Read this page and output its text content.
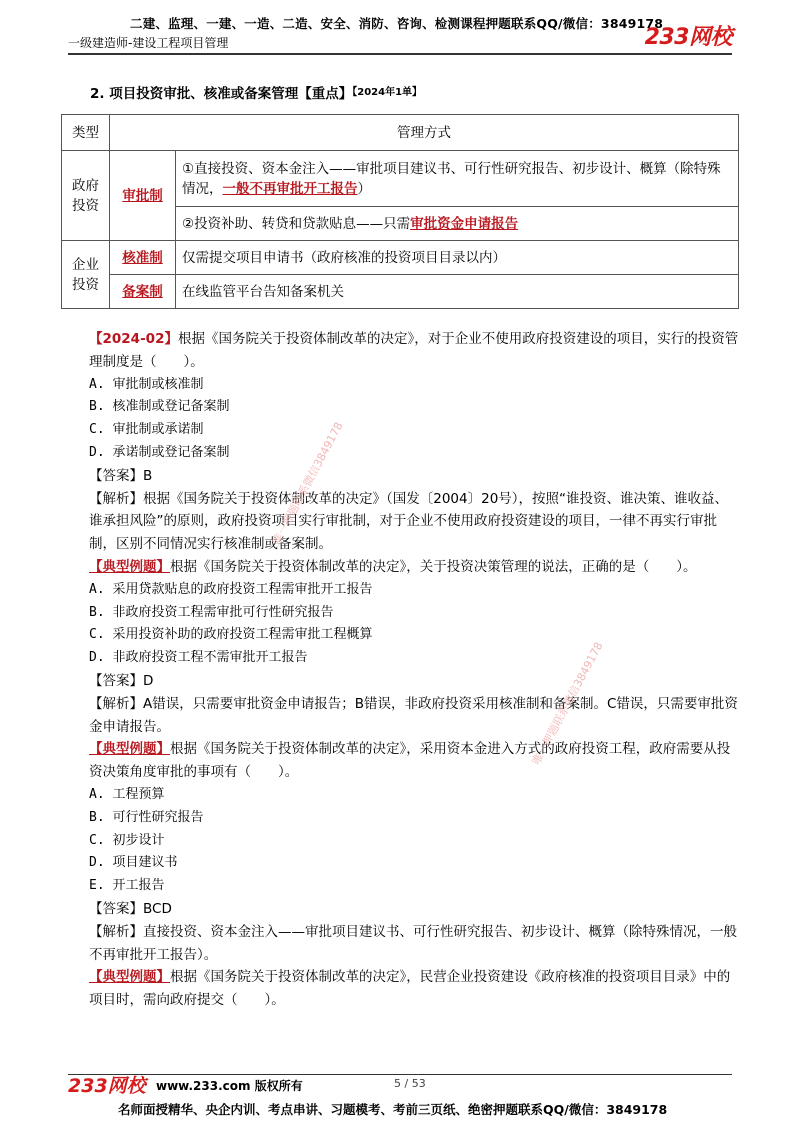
二建、监理、一建、一造、二造、安全、消防、咨询、检测课程押题联系QQ/微信：3849178
一级建造师-建设工程项目管理	233网校
2. 项目投资审批、核准或备案管理【重点】$^{【2024年1单】}$
类型	管理方式	
政府投资	审批制	①直接投资、资本金注入——审批项目建议书、可行性研究报告、初步设计、概算（除特殊情况，一般不再审批开工报告）
		②投资补助、转贷和贷款贴息——只需审批资金申请报告
企业投资	核准制	仅需提交项目申请书（政府核准的投资项目目录以内）
	备案制	在线监管平台告知备案机关

【2024-02】根据《国务院关于投资体制改革的决定》，对于企业不使用政府投资建设的项目，实行的投资管理制度是（　　）。

A. 审批制或核准制

B. 核准制或登记备案制

C. 审批制或承诺制

D. 承诺制或登记备案制

【答案】B

【解析】根据《国务院关于投资体制改革的决定》（国发〔2004〕20号），按照“谁投资、谁决策、谁收益、谁承担风险”的原则，政府投资项目实行审批制，对于企业不使用政府投资建设的项目，一律不再实行审批制，区别不同情况实行核准制或备案制。

【典型例题】根据《国务院关于投资体制改革的决定》，关于投资决策管理的说法，正确的是（　　）。

A. 采用贷款贴息的政府投资工程需审批开工报告

B. 非政府投资工程需审批可行性研究报告

C. 采用投资补助的政府投资工程需审批工程概算

D. 非政府投资工程不需审批开工报告

【答案】D

【解析】A错误，只需要审批资金申请报告；B错误，非政府投资采用核准制和备案制。C错误，只需要审批资金申请报告。

【典型例题】根据《国务院关于投资体制改革的决定》，采用资本金进入方式的政府投资工程，政府需要从投资决策角度审批的事项有（　　）。

A. 工程预算

B. 可行性研究报告

C. 初步设计

D. 项目建议书

E. 开工报告

【答案】BCD

【解析】直接投资、资本金注入——审批项目建议书、可行性研究报告、初步设计、概算（除特殊情况，一般不再审批开工报告）。

【典型例题】根据《国务院关于投资体制改革的决定》，民营企业投资建设《政府核准的投资项目目录》中的项目时，需向政府提交（　　）。

唯一押题联系微信3849178
唯一押题联系微信3849178
233网校 www.233.com 版权所有	5 / 53
名师面授精华、央企内训、考点串讲、习题模考、考前三页纸、绝密押题联系QQ/微信：3849178
